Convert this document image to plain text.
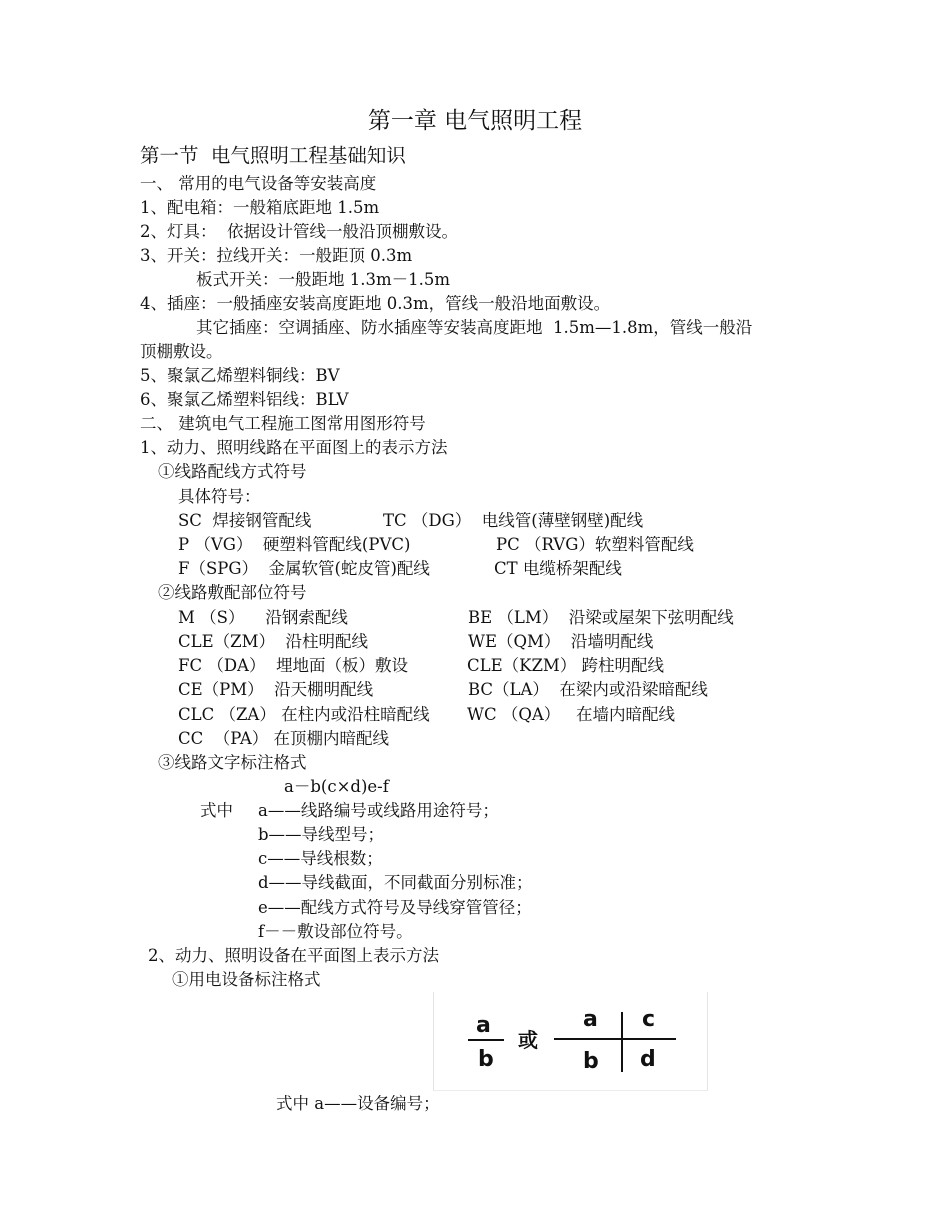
第一章 电气照明工程
第一节  电气照明工程基础知识
一、 常用的电气设备等安装高度
1、配电箱：一般箱底距地 1.5m
2、灯具：  依据设计管线一般沿顶棚敷设。
3、开关：拉线开关：一般距顶 0.3m
板式开关：一般距地 1.3m－1.5m
4、插座：一般插座安装高度距地 0.3m，管线一般沿地面敷设。
其它插座：空调插座、防水插座等安装高度距地  1.5m—1.8m，管线一般沿
顶棚敷设。
5、聚氯乙烯塑料铜线：BV
6、聚氯乙烯塑料铝线：BLV
二、 建筑电气工程施工图常用图形符号
1、动力、照明线路在平面图上的表示方法
①线路配线方式符号
具体符号：
SC  焊接钢管配线	TC （DG）  电线管(薄壁钢壁)配线
P （VG）  硬塑料管配线(PVC)	PC （RVG）软塑料管配线
F（SPG）  金属软管(蛇皮管)配线	CT 电缆桥架配线
②线路敷配部位符号
M （S）    沿钢索配线	BE （LM）  沿梁或屋架下弦明配线
CLE（ZM）  沿柱明配线	WE（QM）  沿墙明配线
FC （DA）  埋地面（板）敷设	CLE（KZM） 跨柱明配线
CE（PM）  沿天棚明配线	BC（LA）  在梁内或沿梁暗配线
CLC （ZA） 在柱内或沿柱暗配线 WC （QA）   在墙内暗配线
CC  （PA） 在顶棚内暗配线
③线路文字标注格式
a－b(c×d)e-f
式中 a——线路编号或线路用途符号；
b——导线型号；
c——导线根数；
d——导线截面，不同截面分别标准；
e——配线方式符号及导线穿管管径；
f－－敷设部位符号。
2、动力、照明设备在平面图上表示方法
①用电设备标注格式
a
b
或
a c
b d
式中 a——设备编号；
